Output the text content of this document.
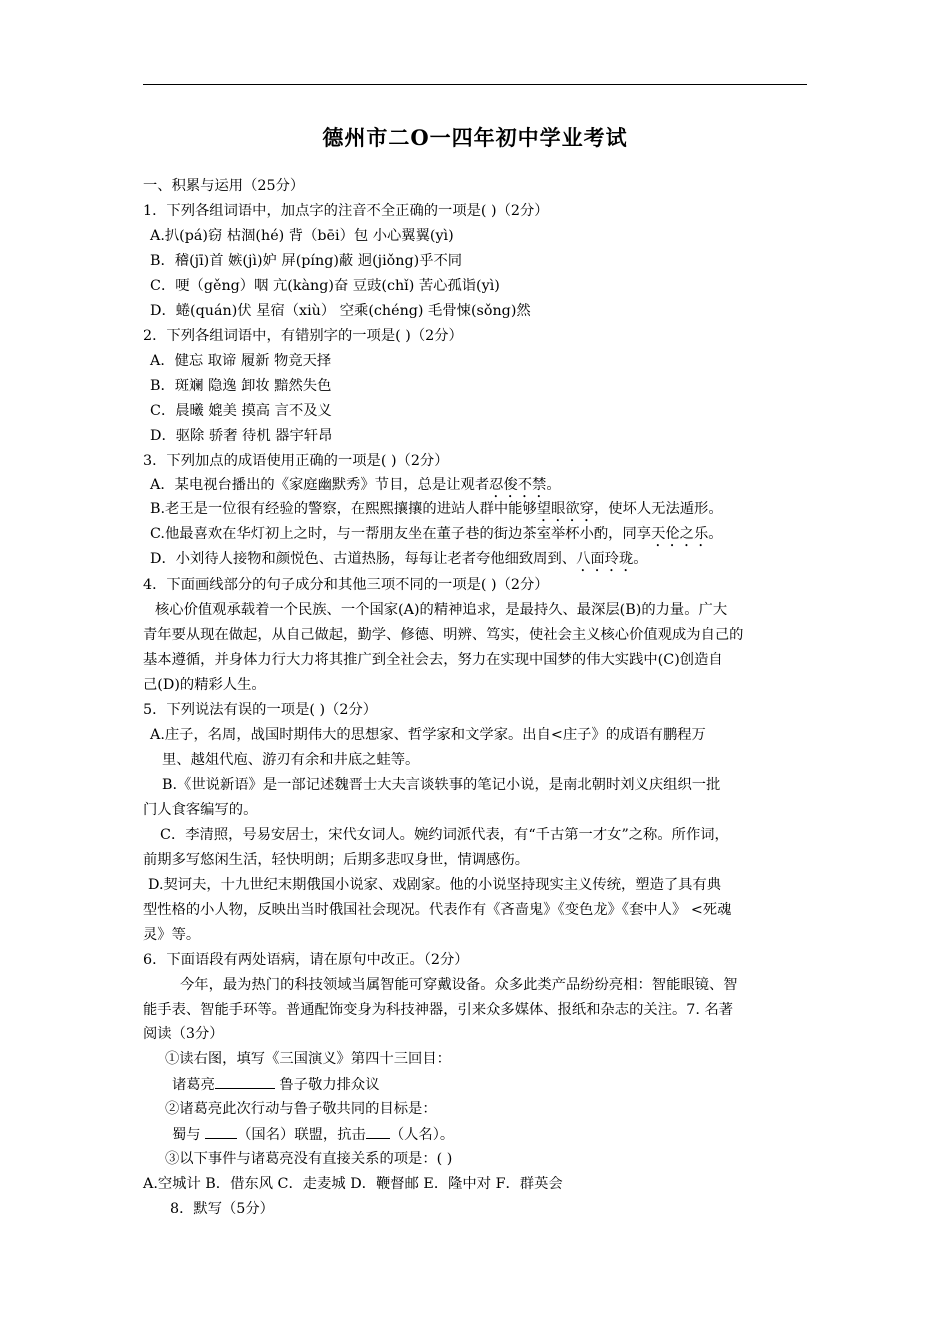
德州市二O一四年初中学业考试
一、积累与运用（25分）
1．下列各组词语中，加点字的注音不全正确的一项是( )（2分）
A.扒(pá)窃 枯涸(hé) 背（bēi）包 小心翼翼(yì)
B．稽(jī)首 嫉(jì)妒 屏(píng)蔽 迥(jiǒng)乎不同
C．哽（gěng）咽 亢(kàng)奋 豆豉(chǐ) 苦心孤诣(yì)
D．蜷(quán)伏 星宿（xiù） 空乘(chéng) 毛骨悚(sǒng)然
2．下列各组词语中，有错别字的一项是( )（2分）
A．健忘 取谛 履新 物竞天择
B．斑斓 隐逸 卸妆 黯然失色
C．晨曦 媲美 摸高 言不及义
D．驱除 骄奢 待机 器宇轩昂
3．下列加点的成语使用正确的一项是( )（2分）
A．某电视台播出的《家庭幽默秀》节目，总是让观者忍俊不禁。
B.老王是一位很有经验的警察，在熙熙攘攘的进站人群中能够望眼欲穿，使坏人无法遁形。
C.他最喜欢在华灯初上之时，与一帮朋友坐在董子巷的街边茶室举杯小酌，同享天伦之乐。
D．小刘待人接物和颜悦色、古道热肠，每每让老者夸他细致周到、八面玲珑。
4．下面画线部分的句子成分和其他三项不同的一项是( )（2分）
核心价值观承载着一个民族、一个国家(A)的精神追求，是最持久、最深层(B)的力量。广大
青年要从现在做起，从自己做起，勤学、修德、明辨、笃实，使社会主义核心价值观成为自己的
基本遵循，并身体力行大力将其推广到全社会去，努力在实现中国梦的伟大实践中(C)创造自
己(D)的精彩人生。
5．下列说法有误的一项是( )（2分）
A.庄子，名周，战国时期伟大的思想家、哲学家和文学家。出自<庄子》的成语有鹏程万
里、越俎代庖、游刃有余和井底之蛙等。
B.《世说新语》是一部记述魏晋士大夫言谈轶事的笔记小说，是南北朝时刘义庆组织一批
门人食客编写的。
C．李清照，号易安居士，宋代女词人。婉约词派代表，有“千古第一才女”之称。所作词，
前期多写悠闲生活，轻快明朗；后期多悲叹身世，情调感伤。
D.契诃夫，十九世纪末期俄国小说家、戏剧家。他的小说坚持现实主义传统，塑造了具有典
型性格的小人物，反映出当时俄国社会现况。代表作有《吝啬鬼》《变色龙》《套中人》 <死魂
灵》等。
6．下面语段有两处语病，请在原句中改正。（2分）
今年，最为热门的科技领域当属智能可穿戴设备。众多此类产品纷纷亮相：智能眼镜、智
能手表、智能手环等。普通配饰变身为科技神器，引来众多媒体、报纸和杂志的关注。7. 名著
阅读（3分）
①读右图，填写《三国演义》第四十三回目：
诸葛亮	鲁子敬力排众议
②诸葛亮此次行动与鲁子敬共同的目标是：
蜀与 （国名）联盟，抗击 （人名）。
③以下事件与诸葛亮没有直接关系的项是：( )
A.空城计 B．借东风 C．走麦城 D．鞭督邮 E．隆中对 F．群英会
8．默写（5分）
